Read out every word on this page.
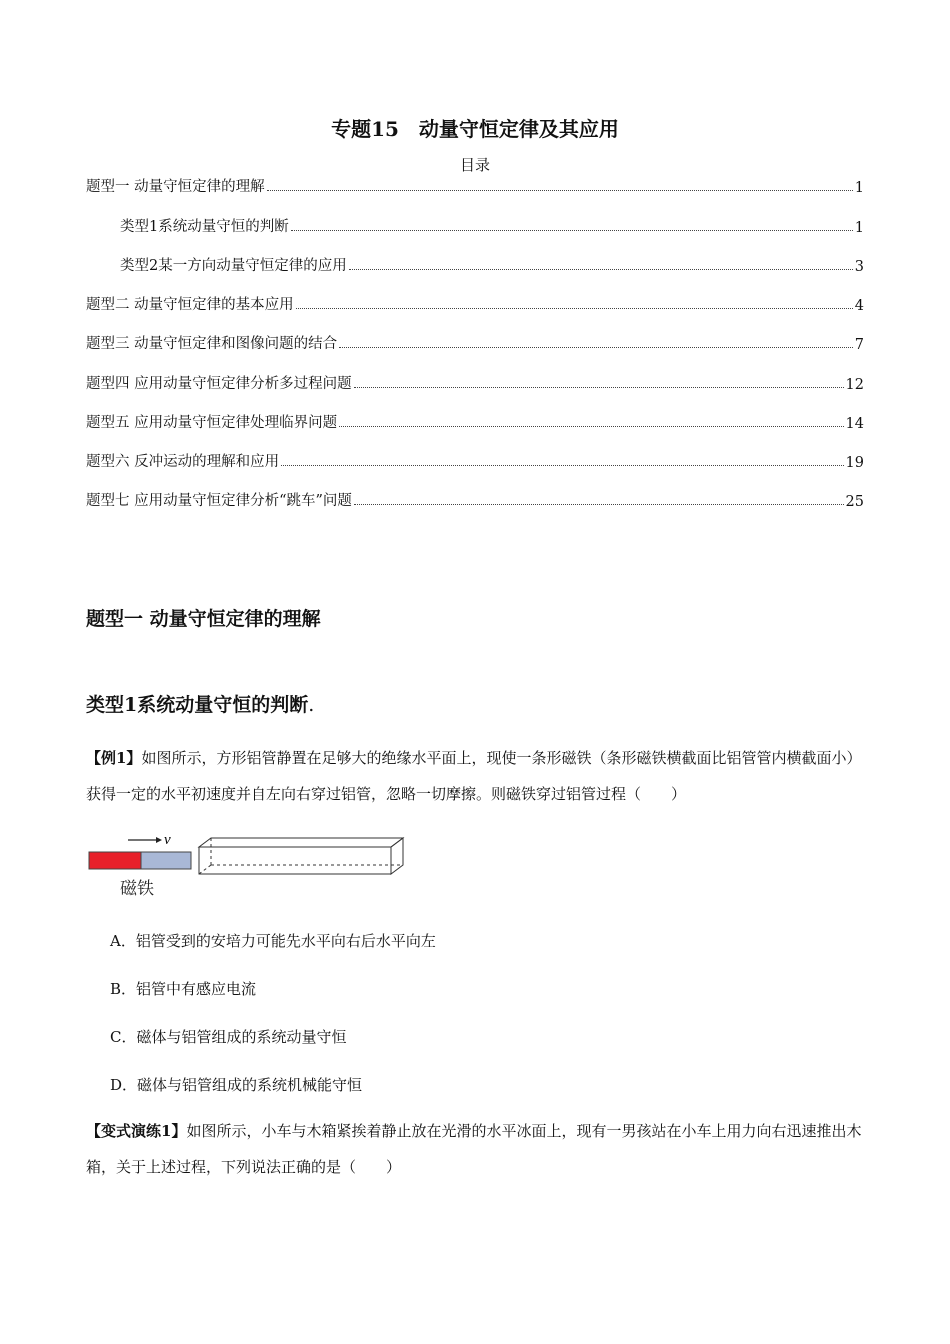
专题15　动量守恒定律及其应用
目录
题型一 动量守恒定律的理解	1
类型1系统动量守恒的判断	1
类型2某一方向动量守恒定律的应用	3
题型二 动量守恒定律的基本应用	4
题型三 动量守恒定律和图像问题的结合	7
题型四 应用动量守恒定律分析多过程问题	12
题型五 应用动量守恒定律处理临界问题	14
题型六 反冲运动的理解和应用	19
题型七 应用动量守恒定律分析“跳车”问题	25
题型一 动量守恒定律的理解
类型1系统动量守恒的判断.
【例1】如图所示，方形铝管静置在足够大的绝缘水平面上，现使一条形磁铁（条形磁铁横截面比铝管管内横截面小）获得一定的水平初速度并自左向右穿过铝管，忽略一切摩擦。则磁铁穿过铝管过程（　　）
v
磁铁
A．铝管受到的安培力可能先水平向右后水平向左
B．铝管中有感应电流
C．磁体与铝管组成的系统动量守恒
D．磁体与铝管组成的系统机械能守恒
【变式演练1】如图所示，小车与木箱紧挨着静止放在光滑的水平冰面上，现有一男孩站在小车上用力向右迅速推出木箱，关于上述过程，下列说法正确的是（　　）
